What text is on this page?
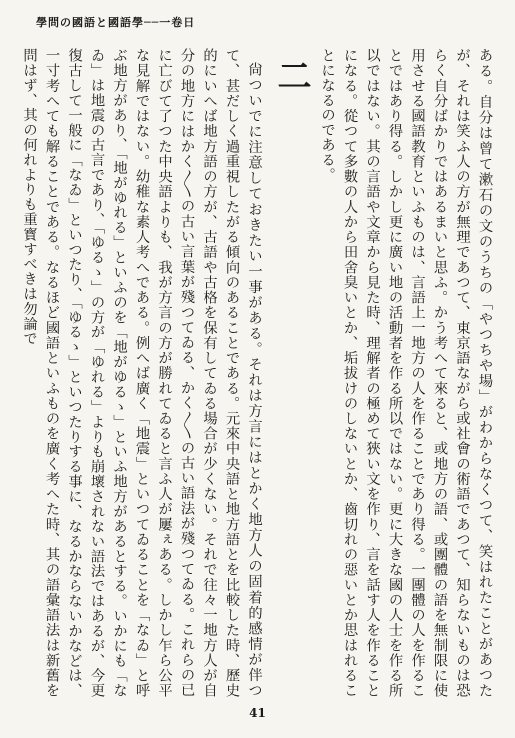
學問の國語と國語學──一卷日

ある。自分は曾て漱石の文のうちの「やつちや場」がわからなくつて、笑はれたことがあつたが、それは笑ふ人の方が無理であつて、東京語ながら或社會の術語であつて、知らないものは恐らく自分ばかりではあるまいと思ふ。かう考へて來ると、或地方の語、或團體の語を無制限に使用させる國語教育といふものは、言語上一地方の人を作ることであり得る。一團體の人を作ることではあり得る。しかし更に廣い地の活動者を作る所以ではない。更に大きな國の人士を作る所以ではない。其の言語や文章から見た時、理解者の極めて狹い文を作り、言を話す人を作ることになる。從つて多數の人から田舍臭いとか、垢拔けのしないとか、齒切れの惡いとか思はれることになるのである。

二

尙ついでに注意しておきたい一事がある。それは方言にはとかく地方人の固着的感情が伴つて、甚だしく過重視したがる傾向のあることである。元來中央語と地方語とを比較した時、歷史的にいへば地方語の方が、古語や古格を保有してゐる場合が少くない。それで往々一地方人が自分の地方にはかく〳〵の古い言葉が殘つてゐる、かく〳〵の古い語法が殘つてゐる。これらの已に亡びて了つた中央語よりも、我が方言の方が勝れてゐると言ふ人が屢ぇある。しかし乍ら公平な見解ではない。幼稚な素人考へである。例へば廣く「地震」といつてゐることを「なゐ」と呼ぶ地方があり、「地がゆれる」といふのを「地がゆるゝ」といふ地方があるとする。いかにも「なゐ」は地震の古言であり、「ゆるゝ」の方が「ゆれる」よりも崩壞されない語法ではあるが、今更復古して一般に「なゐ」といつたり、「ゆるゝ」といつたりする事に、なるかならないかなどは、一寸考へても解ることである。なるほど國語といふものを廣く考へた時、其の語彙語法は新舊を問はず、其の何れよりも重寳すべきは勿論で

41
